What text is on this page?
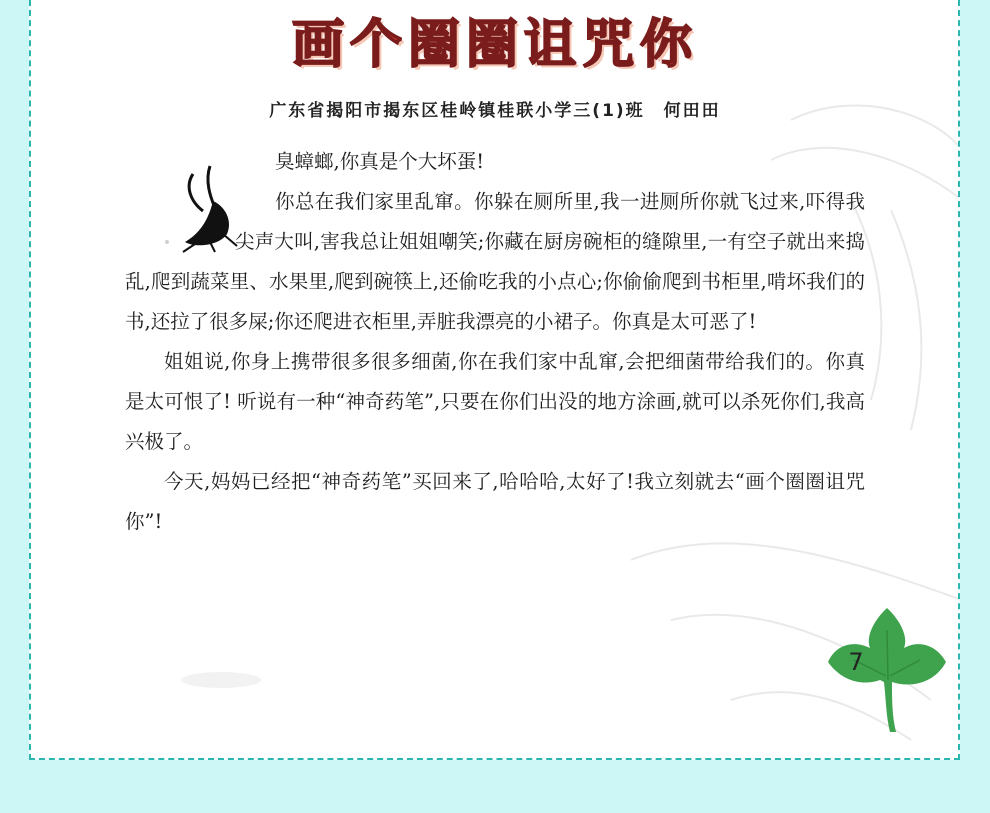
画个圈圈诅咒你
广东省揭阳市揭东区桂岭镇桂联小学三(1)班　何田田

臭蟑螂,你真是个大坏蛋!

你总在我们家里乱窜。你躲在厕所里,我一进厕所你就飞过来,吓得我尖声大叫,害我总让姐姐嘲笑;你藏在厨房碗柜的缝隙里,一有空子就出来捣乱,爬到蔬菜里、水果里,爬到碗筷上,还偷吃我的小点心;你偷偷爬到书柜里,啃坏我们的书,还拉了很多屎;你还爬进衣柜里,弄脏我漂亮的小裙子。你真是太可恶了!

姐姐说,你身上携带很多很多细菌,你在我们家中乱窜,会把细菌带给我们的。你真是太可恨了! 听说有一种“神奇药笔”,只要在你们出没的地方涂画,就可以杀死你们,我高兴极了。

今天,妈妈已经把“神奇药笔”买回来了,哈哈哈,太好了!我立刻就去“画个圈圈诅咒你”!

7
